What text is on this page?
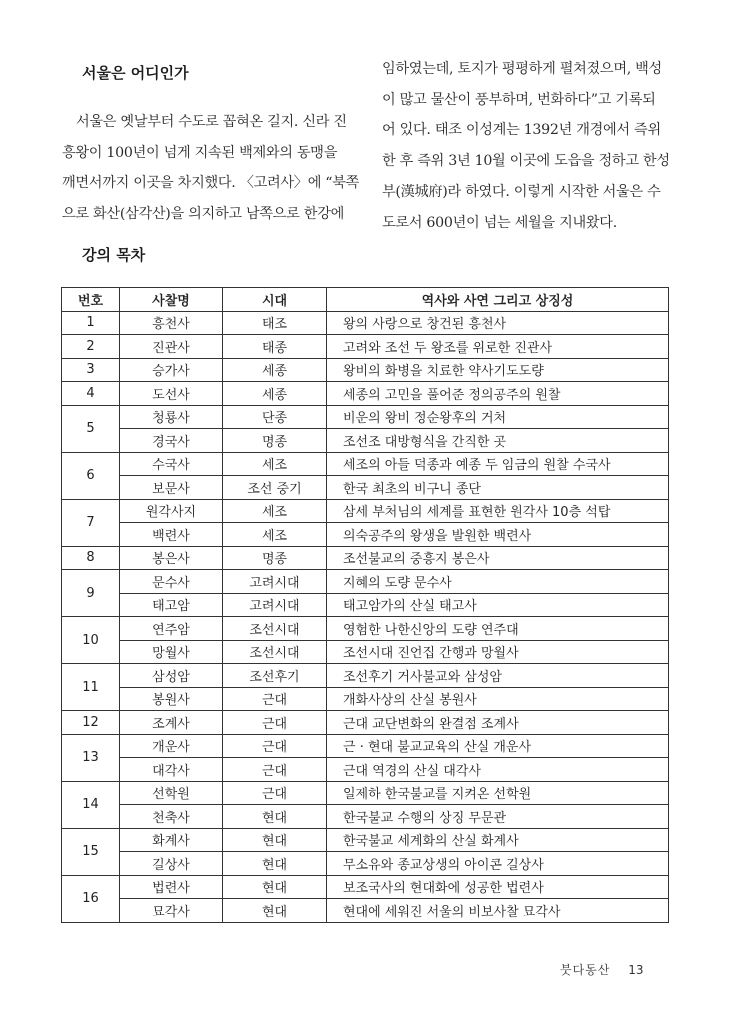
서울은 어디인가

서울은 옛날부터 수도로 꼽혀온 길지. 신라 진
흥왕이 100년이 넘게 지속된 백제와의 동맹을
깨면서까지 이곳을 차지했다. 〈고려사〉에 “북쪽
으로 화산(삼각산)을 의지하고 남쪽으로 한강에

임하였는데, 토지가 평평하게 펼쳐졌으며, 백성
이 많고 물산이 풍부하며, 번화하다”고 기록되
어 있다. 태조 이성계는 1392년 개경에서 즉위
한 후 즉위 3년 10월 이곳에 도읍을 정하고 한성
부(漢城府)라 하였다. 이렇게 시작한 서울은 수
도로서 600년이 넘는 세월을 지내왔다.

강의 목차
번호	사찰명	시대	역사와 사연 그리고 상징성
1	흥천사	태조	왕의 사랑으로 창건된 흥천사
2	진관사	태종	고려와 조선 두 왕조를 위로한 진관사
3	승가사	세종	왕비의 화병을 치료한 약사기도도량
4	도선사	세종	세종의 고민을 풀어준 정의공주의 원찰
5	청룡사	단종	비운의 왕비 정순왕후의 거처
	경국사	명종	조선조 대방형식을 간직한 곳
6	수국사	세조	세조의 아들 덕종과 예종 두 임금의 원찰 수국사
	보문사	조선 중기	한국 최초의 비구니 종단
7	원각사지	세조	삼세 부처님의 세계를 표현한 원각사 10층 석탑
	백련사	세조	의숙공주의 왕생을 발원한 백련사
8	봉은사	명종	조선불교의 중흥지 봉은사
9	문수사	고려시대	지혜의 도량 문수사
	태고암	고려시대	태고암가의 산실 태고사
10	연주암	조선시대	영험한 나한신앙의 도량 연주대
	망월사	조선시대	조선시대 진언집 간행과 망월사
11	삼성암	조선후기	조선후기 거사불교와 삼성암
	봉원사	근대	개화사상의 산실 봉원사
12	조계사	근대	근대 교단변화의 완결점 조계사
13	개운사	근대	근 · 현대 불교교육의 산실 개운사
	대각사	근대	근대 역경의 산실 대각사
14	선학원	근대	일제하 한국불교를 지켜온 선학원
	천축사	현대	한국불교 수행의 상징 무문관
15	화계사	현대	한국불교 세계화의 산실 화계사
	길상사	현대	무소유와 종교상생의 아이콘 길상사
16	법련사	현대	보조국사의 현대화에 성공한 법련사
	묘각사	현대	현대에 세워진 서울의 비보사찰 묘각사
붓다동산 13
